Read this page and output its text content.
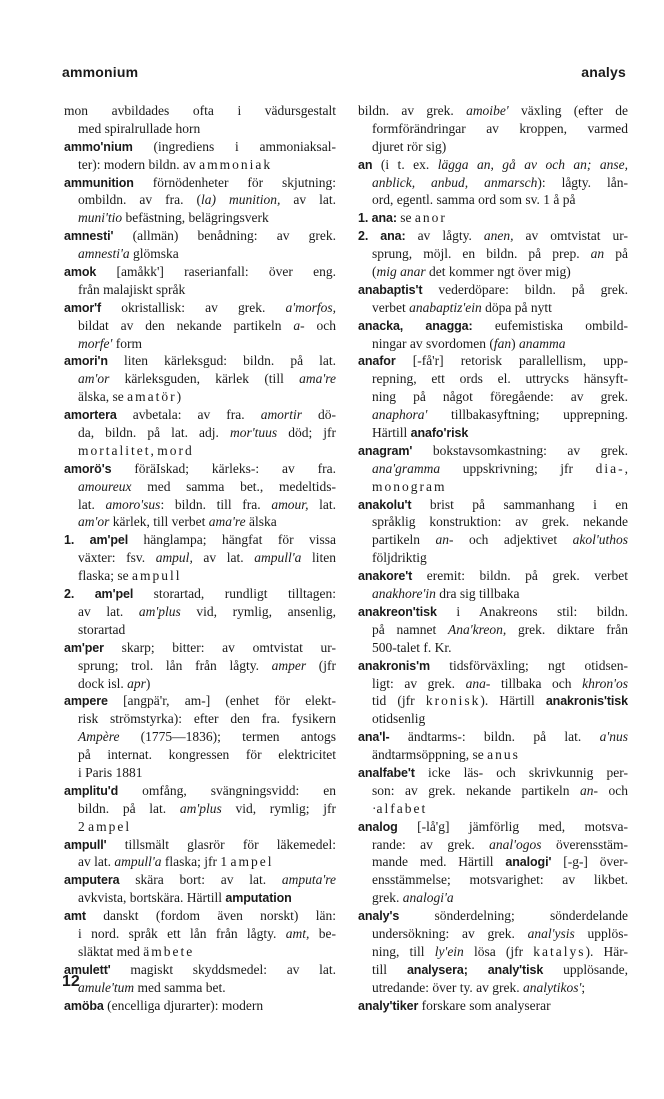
ammonium	analys
mon avbildades ofta i vädursgestalt
med spiralrullade horn
ammo'nium (ingrediens i ammoniaksal-
ter): modern bildn. av ammoniak
ammunition förnödenheter för skjutning:
ombildn. av fra. (la) munition, av lat.
muni'tio befästning, belägringsverk
amnesti' (allmän) benådning: av grek.
amnesti'a glömska
amok [amåkk'] raserianfall: över eng.
från malajiskt språk
amor'f okristallisk: av grek. a'morfos,
bildat av den nekande partikeln a- och
morfe' form
amori'n liten kärleksgud: bildn. på lat.
am'or kärleksguden, kärlek (till ama're
älska, se amatör)
amortera avbetala: av fra. amortir dö-
da, bildn. på lat. adj. mor'tuus död; jfr
mortalitet, mord
amorö's föräIskad; kärleks-: av fra.
amoureux med samma bet., medeltids-
lat. amoro'sus: bildn. till fra. amour, lat.
am'or kärlek, till verbet ama're älska
1. am'pel hänglampa; hängfat för vissa
växter: fsv. ampul, av lat. ampull'a liten
flaska; se ampull
2. am'pel storartad, rundligt tilltagen:
av lat. am'plus vid, rymlig, ansenlig,
storartad
am'per skarp; bitter: av omtvistat ur-
sprung; trol. lån från lågty. amper (jfr
dock isl. apr)
ampere [angpä'r, am-] (enhet för elekt-
risk strömstyrka): efter den fra. fysikern
Ampère (1775—1836); termen antogs
på internat. kongressen för elektricitet
i Paris 1881
amplitu'd omfång, svängningsvidd: en
bildn. på lat. am'plus vid, rymlig; jfr
2 ampel
ampull' tillsmält glasrör för läkemedel:
av lat. ampull'a flaska; jfr 1 ampel
amputera skära bort: av lat. amputa're
avkvista, bortskära. Härtill amputation
amt danskt (fordom även norskt) län:
i nord. språk ett lån från lågty. amt, be-
släktat med ämbete
amulett' magiskt skyddsmedel: av lat.
amule'tum med samma bet.
amöba (encelliga djurarter): modern
bildn. av grek. amoibe' växling (efter de
formförändringar av kroppen, varmed
djuret rör sig)
an (i t. ex. lägga an, gå av och an; anse,
anblick, anbud, anmarsch): lågty. lån-
ord, egentl. samma ord som sv. 1 å på
1. ana: se anor
2. ana: av lågty. anen, av omtvistat ur-
sprung, möjl. en bildn. på prep. an på
(mig anar det kommer ngt över mig)
anabaptis't vederdöpare: bildn. på grek.
verbet anabaptiz'ein döpa på nytt
anacka, anagga: eufemistiska ombild-
ningar av svordomen (fan) anamma
anafor [-få'r] retorisk parallellism, upp-
repning, ett ords el. uttrycks hänsyft-
ning på något föregående: av grek.
anaphora' tillbakasyftning; upprepning.
Härtill anafo'risk
anagram' bokstavsomkastning: av grek.
ana'gramma uppskrivning; jfr dia-,
monogram
anakolu't brist på sammanhang i en
språklig konstruktion: av grek. nekande
partikeln an- och adjektivet akol'uthos
följdriktig
anakore't eremit: bildn. på grek. verbet
anakhore'in dra sig tillbaka
anakreon'tisk i Anakreons stil: bildn.
på namnet Ana'kreon, grek. diktare från
500-talet f. Kr.
anakronis'm tidsförväxling; ngt otidsen-
ligt: av grek. ana- tillbaka och khron'os
tid (jfr kronisk). Härtill anakronis'tisk
otidsenlig
ana'l- ändtarms-: bildn. på lat. a'nus
ändtarmsöppning, se anus
analfabe't icke läs- och skrivkunnig per-
son: av grek. nekande partikeln an- och
·alfabet
analog [-lå'g] jämförlig med, motsva-
rande: av grek. anal'ogos överensstäm-
mande med. Härtill analogi' [-g-] över-
ensstämmelse; motsvarighet: av likbet.
grek. analogi'a
analy's sönderdelning; sönderdelande
undersökning: av grek. anal'ysis upplös-
ning, till ly'ein lösa (jfr katalys). Här-
till analysera; analy'tisk upplösande,
utredande: över ty. av grek. analytikos';
analy'tiker forskare som analyserar
12
